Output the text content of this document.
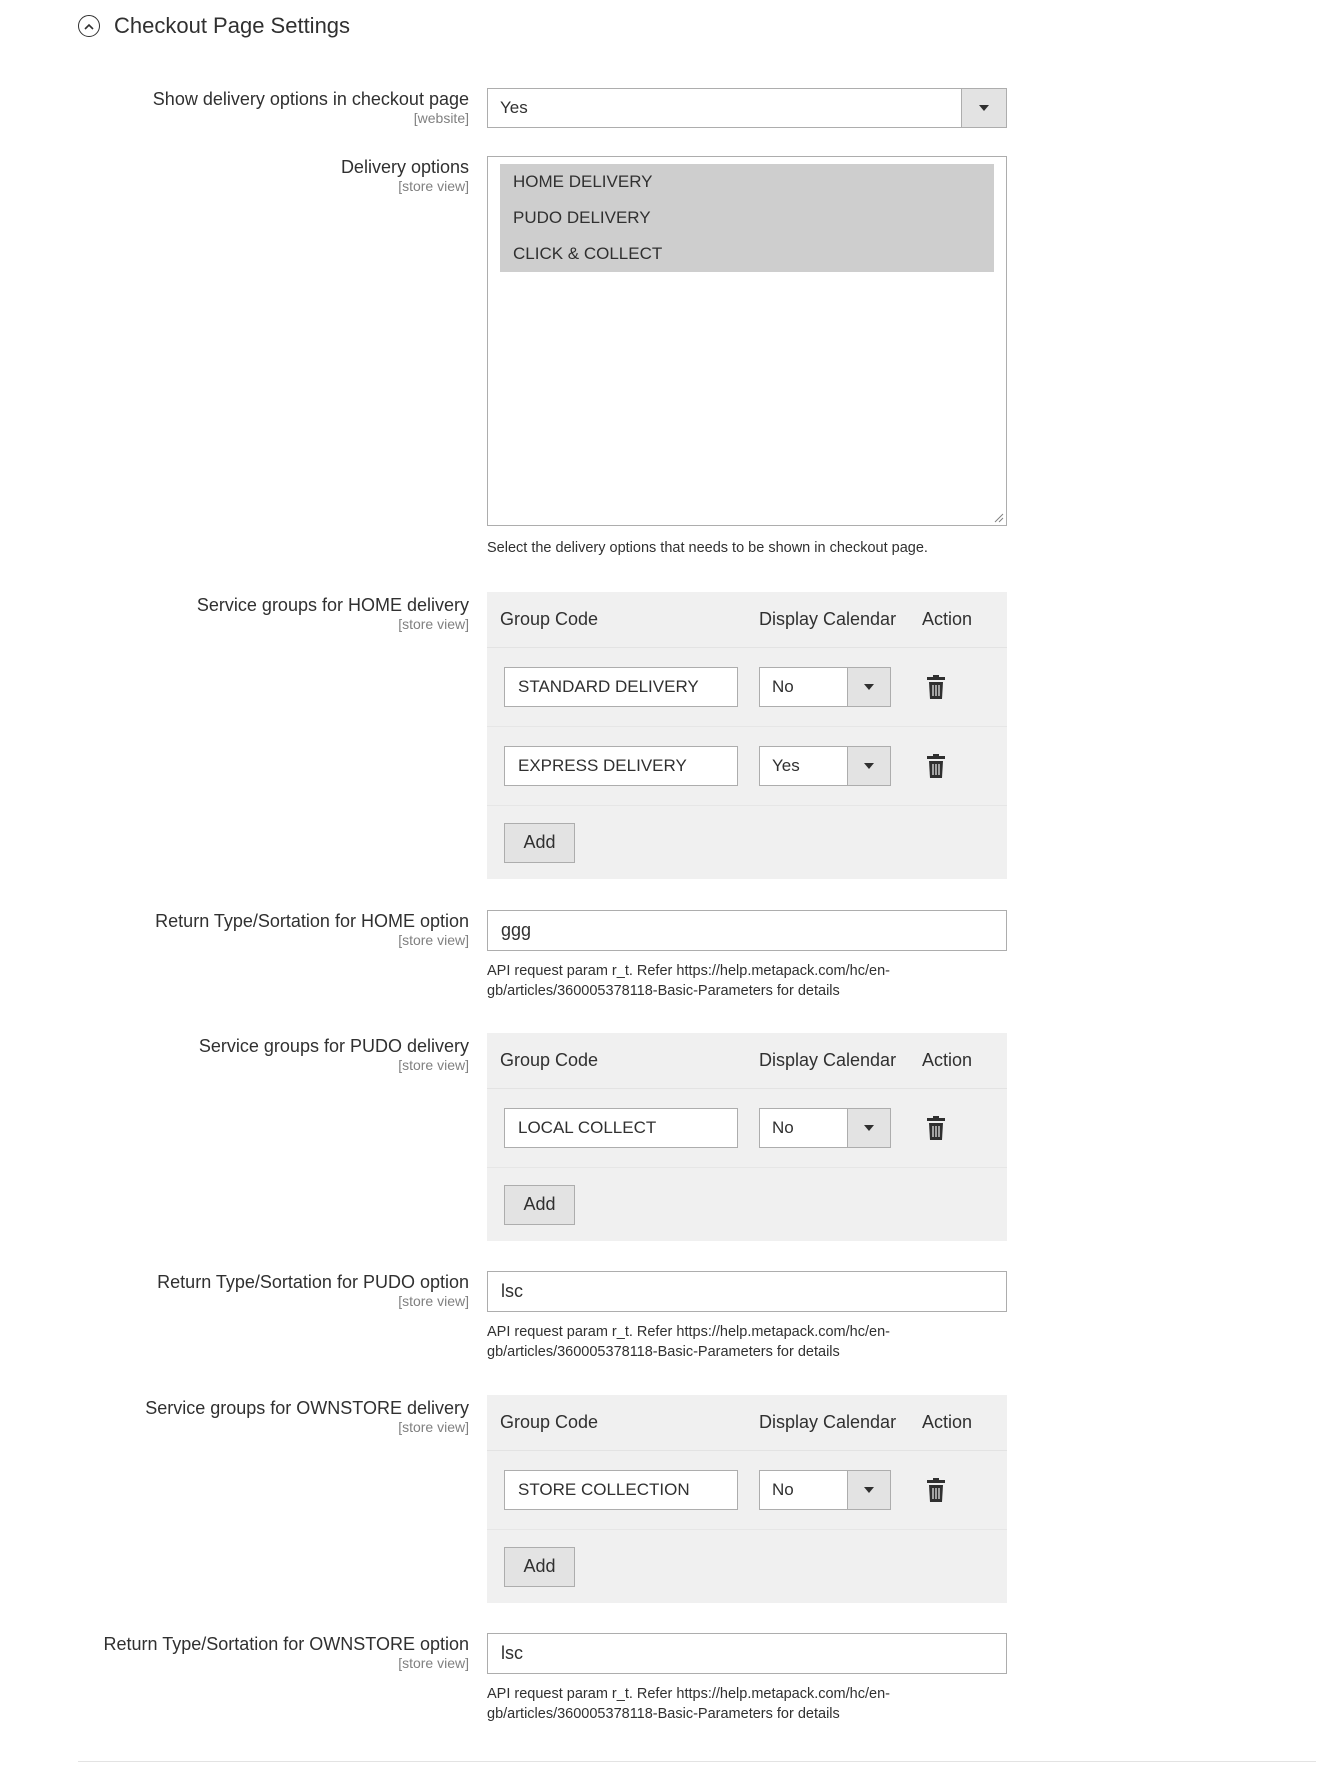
Checkout Page Settings
Show delivery options in checkout page
[website]
Yes
Delivery options
[store view]	HOME DELIVERY
PUDO DELIVERY
CLICK & COLLECT
Select the delivery options that needs to be shown in checkout page.
Service groups for HOME delivery
[store view]	Group Code	Display Calendar	Action
STANDARD DELIVERY	No
EXPRESS DELIVERY	Yes
Add
Return Type/Sortation for HOME option
[store view]	ggg
API request param r_t. Refer https://help.metapack.com/hc/en-
gb/articles/360005378118-Basic-Parameters for details
Service groups for PUDO delivery
[store view]	Group Code	Display Calendar	Action
LOCAL COLLECT	No
Add
Return Type/Sortation for PUDO option
[store view]	lsc
API request param r_t. Refer https://help.metapack.com/hc/en-
gb/articles/360005378118-Basic-Parameters for details
Service groups for OWNSTORE delivery
[store view]	Group Code	Display Calendar	Action
STORE COLLECTION	No
Add
Return Type/Sortation for OWNSTORE option
[store view]	lsc
API request param r_t. Refer https://help.metapack.com/hc/en-
gb/articles/360005378118-Basic-Parameters for details
